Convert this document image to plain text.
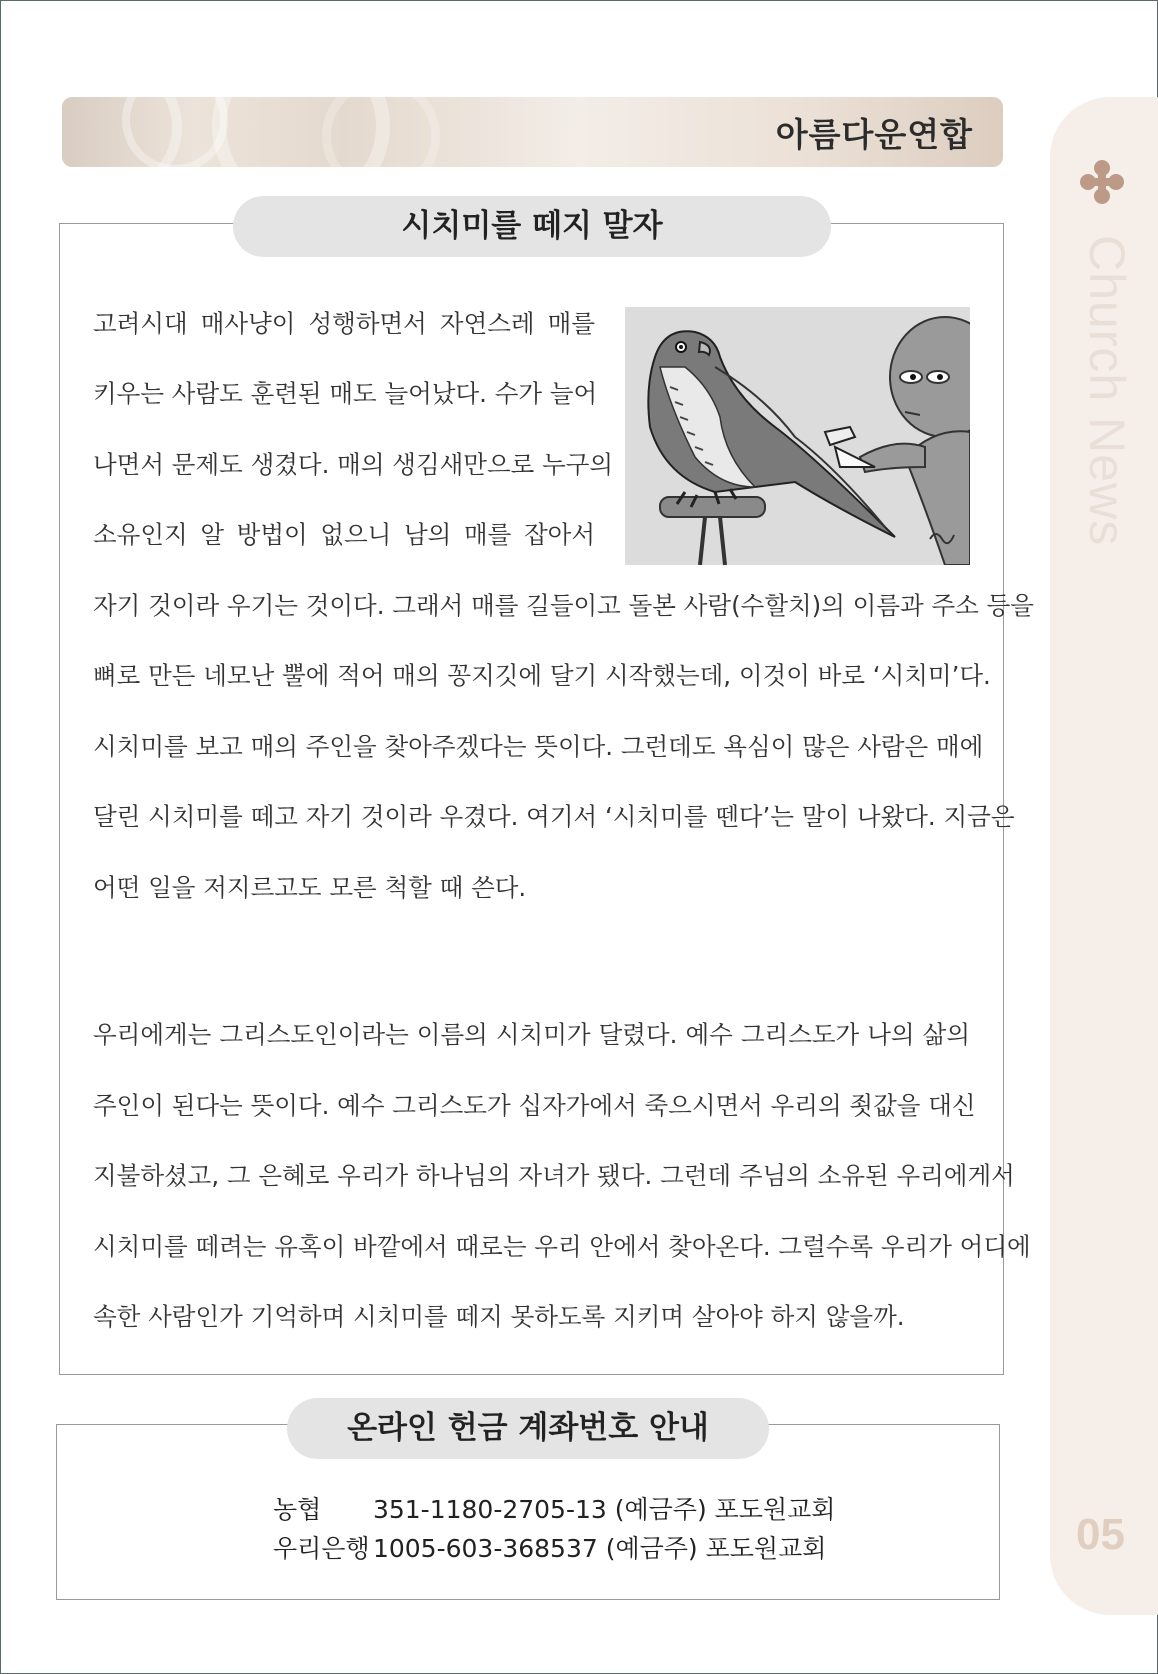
아름다운연합
Church News
05
시치미를 떼지 말자
고려시대 매사냥이 성행하면서 자연스레 매를
키우는 사람도 훈련된 매도 늘어났다. 수가 늘어
나면서 문제도 생겼다. 매의 생김새만으로 누구의
소유인지 알 방법이 없으니 남의 매를 잡아서
자기 것이라 우기는 것이다. 그래서 매를 길들이고 돌본 사람(수할치)의 이름과 주소 등을
뼈로 만든 네모난 뿔에 적어 매의 꽁지깃에 달기 시작했는데, 이것이 바로 ‘시치미’다.
시치미를 보고 매의 주인을 찾아주겠다는 뜻이다. 그런데도 욕심이 많은 사람은 매에
달린 시치미를 떼고 자기 것이라 우겼다. 여기서 ‘시치미를 뗀다’는 말이 나왔다. 지금은
어떤 일을 저지르고도 모른 척할 때 쓴다.
우리에게는 그리스도인이라는 이름의 시치미가 달렸다. 예수 그리스도가 나의 삶의
주인이 된다는 뜻이다. 예수 그리스도가 십자가에서 죽으시면서 우리의 죗값을 대신
지불하셨고, 그 은혜로 우리가 하나님의 자녀가 됐다. 그런데 주님의 소유된 우리에게서
시치미를 떼려는 유혹이 바깥에서 때로는 우리 안에서 찾아온다. 그럴수록 우리가 어디에
속한 사람인가 기억하며 시치미를 떼지 못하도록 지키며 살아야 하지 않을까.
온라인 헌금 계좌번호 안내
농협 351-1180-2705-13 (예금주) 포도원교회
우리은행 1005-603-368537 (예금주) 포도원교회
